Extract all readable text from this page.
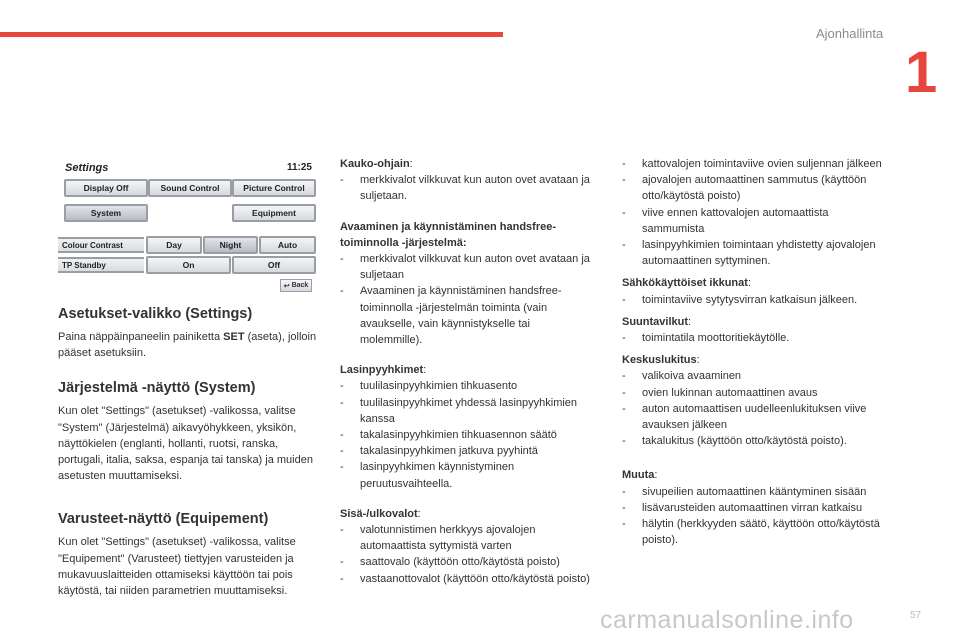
Ajonhallinta
1
Settings	11:25
Display Off	Sound Control	Picture Control
System	Equipment
Colour Contrast	Day	Night	Auto
TP Standby	On	Off
↩ Back
Asetukset-valikko (Settings)

Paina näppäinpaneelin painiketta SET (aseta), jolloin pääset asetuksiin.

Järjestelmä -näyttö (System)

Kun olet "Settings" (asetukset) -valikossa, valitse "System" (Järjestelmä) aikavyöhykkeen, yksikön, näyttökielen (englanti, hollanti, ruotsi, ranska, portugali, italia, saksa, espanja tai tanska) ja muiden asetusten muuttamiseksi.

Varusteet-näyttö (Equipement)

Kun olet "Settings" (asetukset) -valikossa, valitse "Equipement" (Varusteet) tiettyjen varusteiden ja mukavuuslaitteiden ottamiseksi käyttöön tai pois käytöstä, tai niiden parametrien muuttamiseksi.

Kauko-ohjain:

- merkkivalot vilkkuvat kun auton ovet avataan ja suljetaan.

Avaaminen ja käynnistäminen handsfree-toiminnolla -järjestelmä:

- merkkivalot vilkkuvat kun auton ovet avataan ja suljetaan

- Avaaminen ja käynnistäminen handsfree-toiminnolla -järjestelmän toiminta (vain avaukselle, vain käynnistykselle tai molemmille).

Lasinpyyhkimet:

- tuulilasinpyyhkimien tihkuasento

- tuulilasinpyyhkimet yhdessä lasinpyyhkimien kanssa

- takalasinpyyhkimien tihkuasennon säätö

- takalasinpyyhkimen jatkuva pyyhintä

- lasinpyyhkimen käynnistyminen peruutusvaihteella.

Sisä-/ulkovalot:

- valotunnistimen herkkyys ajovalojen automaattista syttymistä varten

- saattovalo (käyttöön otto/käytöstä poisto)

- vastaanottovalot (käyttöön otto/käytöstä poisto)

- kattovalojen toimintaviive ovien suljennan jälkeen

- ajovalojen automaattinen sammutus (käyttöön otto/käytöstä poisto)

- viive ennen kattovalojen automaattista sammumista

- lasinpyyhkimien toimintaan yhdistetty ajovalojen automaattinen syttyminen.

Sähkökäyttöiset ikkunat:

- toimintaviive sytytysvirran katkaisun jälkeen.

Suuntavilkut:

- toimintatila moottoritiekäytölle.

Keskuslukitus:

- valikoiva avaaminen

- ovien lukinnan automaattinen avaus

- auton automaattisen uudelleenlukituksen viive avauksen jälkeen

- takalukitus (käyttöön otto/käytöstä poisto).

Muuta:

- sivupeilien automaattinen kääntyminen sisään

- lisävarusteiden automaattinen virran katkaisu

- hälytin (herkkyyden säätö, käyttöön otto/käytöstä poisto).

57
carmanualsonline.info
